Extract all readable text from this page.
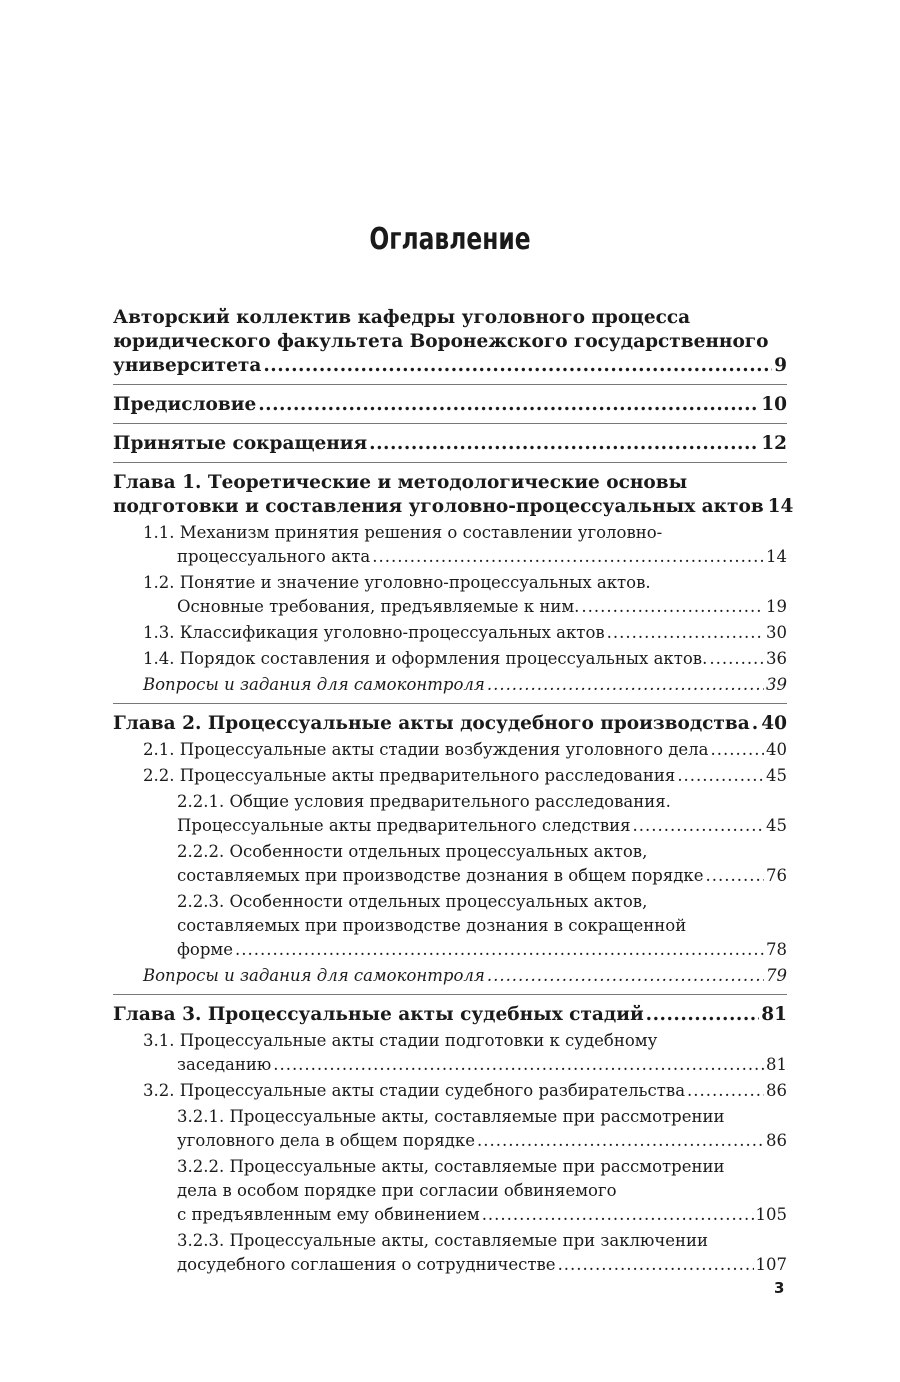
Оглавление
Авторский коллектив кафедры уголовного процесса
юридического факультета Воронежского государственного
университета .....	9
Предисловие .....	10
Принятые сокращения .....	12
Глава 1. Теоретические и методологические основы
подготовки и составления уголовно-процессуальных актов 14
1.1. Механизм принятия решения о составлении уголовно-
процессуального акта .....	14
1.2. Понятие и значение уголовно-процессуальных актов.
Основные требования, предъявляемые к ним. .....	19
1.3. Классификация уголовно-процессуальных актов .....	30
1.4. Порядок составления и оформления процессуальных актов. .....	36
Вопросы и задания для самоконтроля .....	39
Глава 2. Процессуальные акты досудебного производства ..... 40
2.1. Процессуальные акты стадии возбуждения уголовного дела .....	40
2.2. Процессуальные акты предварительного расследования .....	45
2.2.1. Общие условия предварительного расследования.
Процессуальные акты предварительного следствия .....	45
2.2.2. Особенности отдельных процессуальных актов,
составляемых при производстве дознания в общем порядке .....	76
2.2.3. Особенности отдельных процессуальных актов,
составляемых при производстве дознания в сокращенной
форме .....	78
Вопросы и задания для самоконтроля .....	79
Глава 3. Процессуальные акты судебных стадий .....	81
3.1. Процессуальные акты стадии подготовки к судебному
заседанию .....	81
3.2. Процессуальные акты стадии судебного разбирательства .....	86
3.2.1. Процессуальные акты, составляемые при рассмотрении
уголовного дела в общем порядке .....	86
3.2.2. Процессуальные акты, составляемые при рассмотрении
дела в особом порядке при согласии обвиняемого
с предъявленным ему обвинением .....	105
3.2.3. Процессуальные акты, составляемые при заключении
досудебного соглашения о сотрудничестве .....	107
3
